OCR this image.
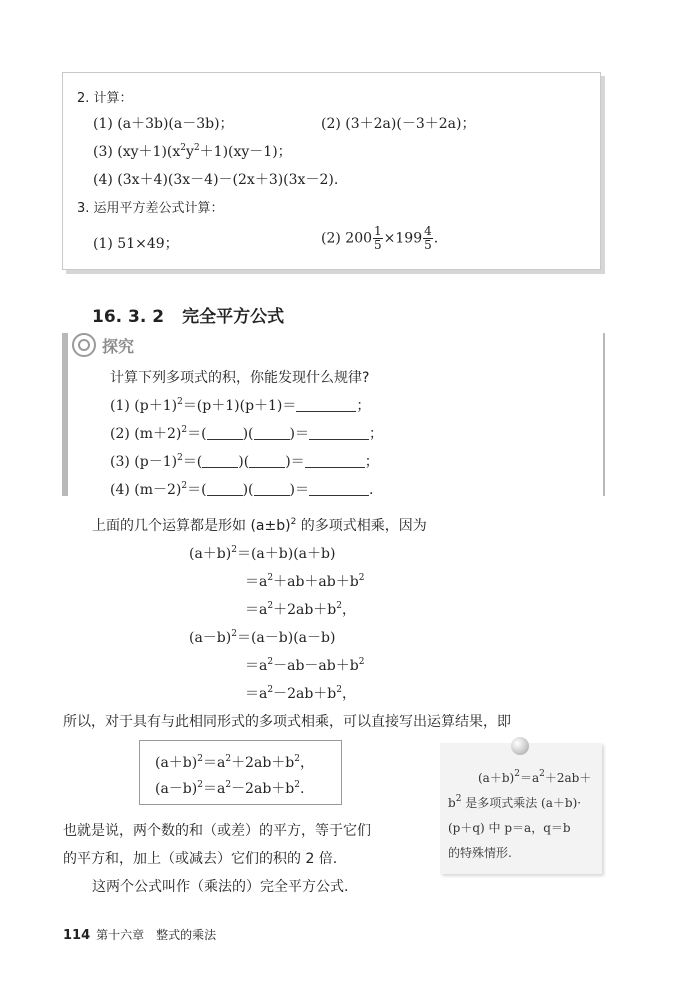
2. 计算：
(1) (a＋3b)(a－3b)；	(2) (3＋2a)(－3＋2a)；
(3) $(xy+1)(x^2y^2+1)(xy-1)$；
(4) (3x＋4)(3x－4)－(2x＋3)(3x－2).
3. 运用平方差公式计算：
(1) 51×49；	(2) $200 \frac{1}{5} \times 199 \frac{4}{5}$ .
16. 3. 2 完全平方公式
探究
计算下列多项式的积，你能发现什么规律?
(1) $(p+1)^2=(p+1)(p+1)=$	；
(2) $(m+2)^2=$(	)(	)＝	；
(3) $(p-1)^2=$(	)(	)＝	；
(4) $(m-2)^2=$(	)(	)＝	.
上面的几个运算都是形如 $(a\pm b)^2$ 的多项式相乘，因为
$(a+b)^2=(a+b)(a+b)$
$=a^2+ab+ab+b^2$
$=a^2+2ab+b^2$，
$(a-b)^2=(a-b)(a-b)$
$=a^2-ab-ab+b^2$
$=a^2-2ab+b^2$，
所以，对于具有与此相同形式的多项式相乘，可以直接写出运算结果，即
$(a+b)^2=a^2+2ab+b^2$，
$(a-b)^2=a^2-2ab+b^2$.
$(a+b)^2=a^2+2ab+$
$b^2$ 是多项式乘法 (a＋b)·
(p＋q) 中 p＝a，q＝b
的特殊情形.
也就是说，两个数的和（或差）的平方，等于它们
的平方和，加上（或减去）它们的积的 2 倍.
这两个公式叫作（乘法的）完全平方公式.
114 第十六章　整式的乘法
